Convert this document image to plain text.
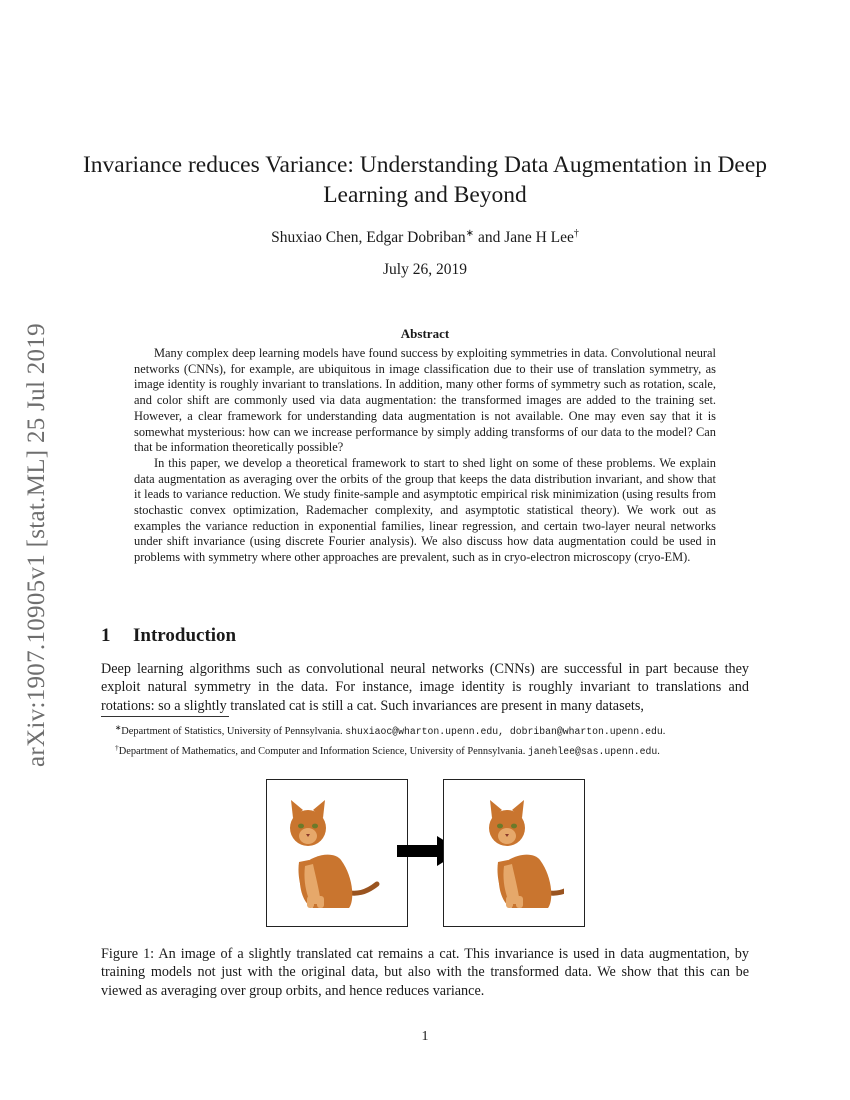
arXiv:1907.10905v1 [stat.ML] 25 Jul 2019
Invariance reduces Variance: Understanding Data Augmentation in Deep Learning and Beyond
Shuxiao Chen, Edgar Dobriban∗ and Jane H Lee†
July 26, 2019
Abstract

Many complex deep learning models have found success by exploiting symmetries in data. Convolutional neural networks (CNNs), for example, are ubiquitous in image classification due to their use of translation symmetry, as image identity is roughly invariant to translations. In addition, many other forms of symmetry such as rotation, scale, and color shift are commonly used via data augmentation: the transformed images are added to the training set. However, a clear framework for understanding data augmentation is not available. One may even say that it is somewhat mysterious: how can we increase performance by simply adding transforms of our data to the model? Can that be information theoretically possible?

In this paper, we develop a theoretical framework to start to shed light on some of these problems. We explain data augmentation as averaging over the orbits of the group that keeps the data distribution invariant, and show that it leads to variance reduction. We study finite-sample and asymptotic empirical risk minimization (using results from stochastic convex optimization, Rademacher complexity, and asymptotic statistical theory). We work out as examples the variance reduction in exponential families, linear regression, and certain two-layer neural networks under shift invariance (using discrete Fourier analysis). We also discuss how data augmentation could be used in problems with symmetry where other approaches are prevalent, such as in cryo-electron microscopy (cryo-EM).

1 Introduction

Deep learning algorithms such as convolutional neural networks (CNNs) are successful in part because they exploit natural symmetry in the data. For instance, image identity is roughly invariant to translations and rotations: so a slightly translated cat is still a cat. Such invariances are present in many datasets,

∗Department of Statistics, University of Pennsylvania. shuxiaoc@wharton.upenn.edu, dobriban@wharton.upenn.edu.
†Department of Mathematics, and Computer and Information Science, University of Pennsylvania. janehlee@sas.upenn.edu.

Figure 1: An image of a slightly translated cat remains a cat. This invariance is used in data augmentation, by training models not just with the original data, but also with the transformed data. We show that this can be viewed as averaging over group orbits, and hence reduces variance.

1
